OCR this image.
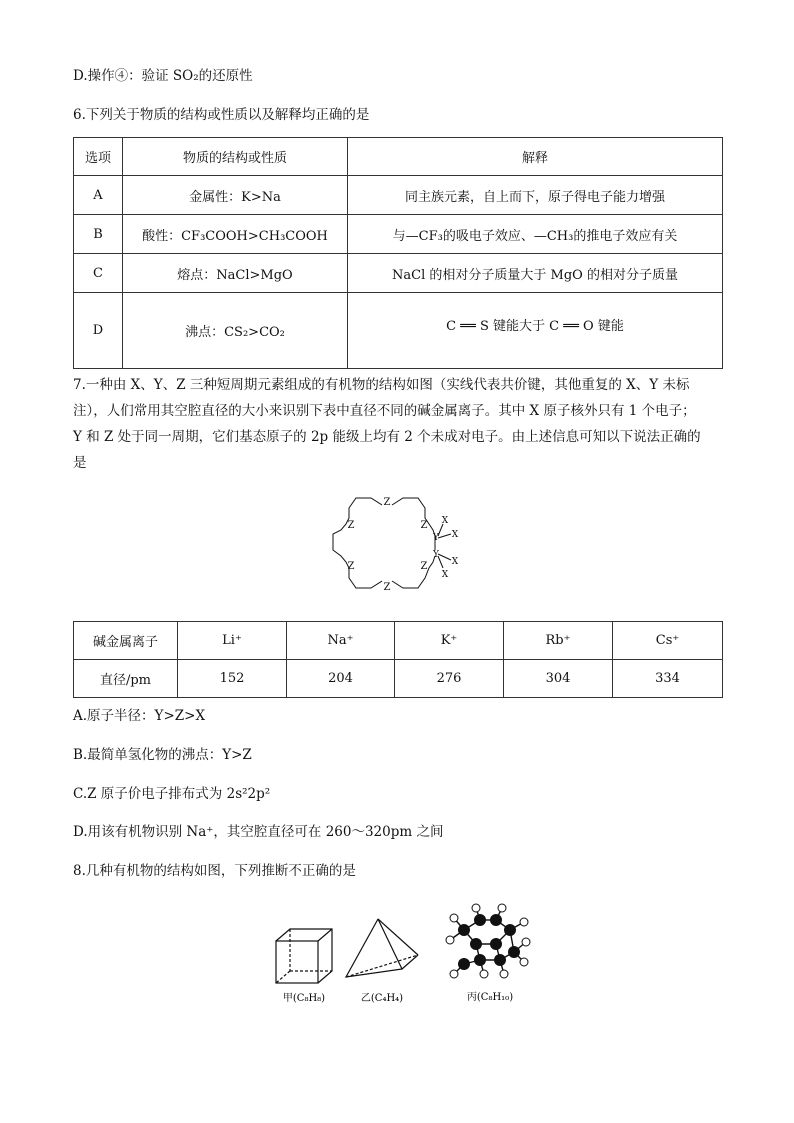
D.操作④：验证 SO₂的还原性
6.下列关于物质的结构或性质以及解释均正确的是
选项	物质的结构或性质	解释
A	金属性：K>Na	同主族元素，自上而下，原子得电子能力增强
B	酸性：CF₃COOH>CH₃COOH	与—CF₃的吸电子效应、—CH₃的推电子效应有关
C	熔点：NaCl>MgO	NaCl 的相对分子质量大于 MgO 的相对分子质量
D	沸点：CS₂>CO₂	C ══ S 键能大于 C ══ O 键能
7.一种由 X、Y、Z 三种短周期元素组成的有机物的结构如图（实线代表共价键，其他重复的 X、Y 未标
注），人们常用其空腔直径的大小来识别下表中直径不同的碱金属离子。其中 X 原子核外只有 1 个电子；
Y 和 Z 处于同一周期，它们基态原子的 2p 能级上均有 2 个未成对电子。由上述信息可知以下说法正确的
是
Z
Z	Z
Z	Z
Z
Y
Y
X
X
X
X
碱金属离子	Li⁺	Na⁺	K⁺	Rb⁺	Cs⁺
直径/pm	152	204	276	304	334
A.原子半径：Y>Z>X
B.最简单氢化物的沸点：Y>Z
C.Z 原子价电子排布式为 2s²2p²
D.用该有机物识别 Na⁺，其空腔直径可在 260～320pm 之间
8.几种有机物的结构如图，下列推断不正确的是
甲(C₈H₈)	乙(C₄H₄)	丙(C₈H₁₀)
